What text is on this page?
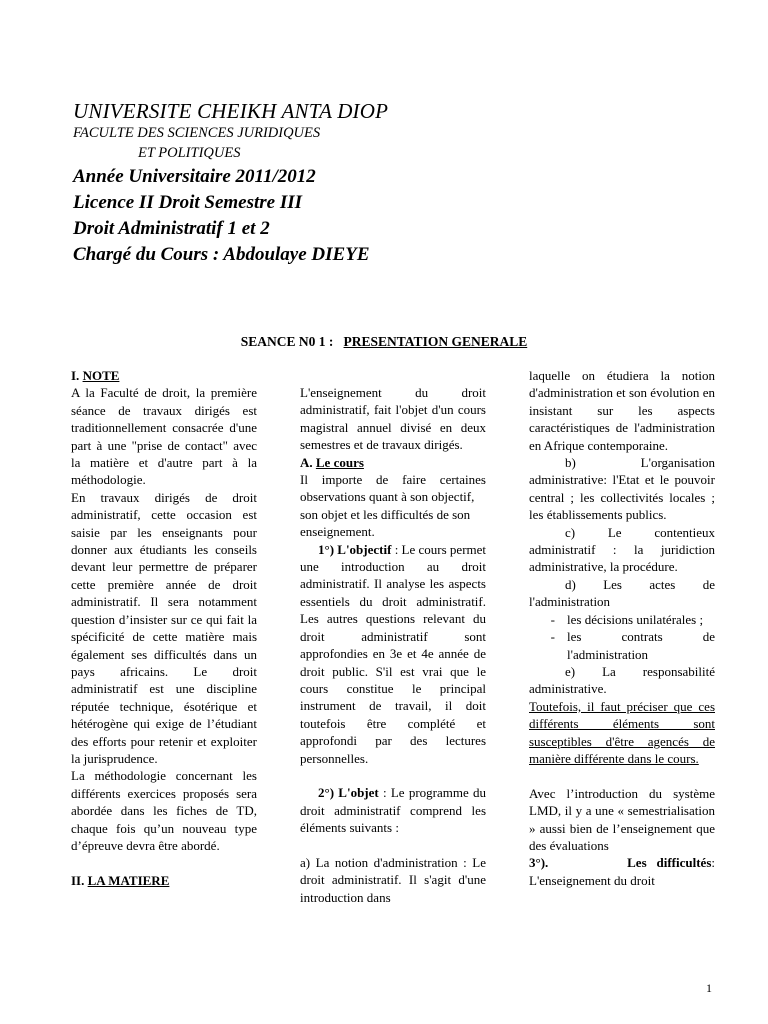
UNIVERSITE CHEIKH ANTA DIOP
FACULTE DES SCIENCES JURIDIQUES
ET POLITIQUES
Année Universitaire 2011/2012
Licence II Droit Semestre III
Droit Administratif 1 et 2
Chargé du Cours : Abdoulaye DIEYE
SEANCE N0 1 : PRESENTATION GENERALE

I. NOTE

A la Faculté de droit, la première séance de travaux dirigés est traditionnellement consacrée d'une part à une "prise de contact" avec la matière et d'autre part à la méthodologie.

En travaux dirigés de droit administratif, cette occasion est saisie par les enseignants pour donner aux étudiants les conseils devant leur permettre de préparer cette première année de droit administratif. Il sera notamment question d’insister sur ce qui fait la spécificité de cette matière mais également ses difficultés dans un pays africains. Le droit administratif est une discipline réputée technique, ésotérique et hétérogène qui exige de l’étudiant des efforts pour retenir et exploiter la jurisprudence.

La méthodologie concernant les différents exercices proposés sera abordée dans les fiches de TD, chaque fois qu’un nouveau type d’épreuve devra être abordé.

II. LA MATIERE

L'enseignement du droit administratif, fait l'objet d'un cours magistral annuel divisé en deux semestres et de travaux dirigés.

A. Le cours

Il importe de faire certaines observations quant à son objectif,

son objet et les difficultés de son enseignement.

1°) L'objectif : Le cours permet une introduction au droit administratif. Il analyse les aspects essentiels du droit administratif. Les autres questions relevant du droit administratif sont approfondies en 3e et 4e année de droit public. S'il est vrai que le cours constitue le principal instrument de travail, il doit toutefois être complété et approfondi par des lectures personnelles.

2°) L'objet : Le programme du droit administratif comprend les éléments suivants :

a) La notion d'administration : Le droit administratif. Il s'agit d'une introduction dans

laquelle on étudiera la notion d'administration et son évolution en insistant sur les aspects caractéristiques de l'administration en Afrique contemporaine.

b) L'organisation administrative: l'Etat et le pouvoir central ; les collectivités locales ; les établissements publics.

c) Le contentieux administratif : la juridiction administrative, la procédure.

d) Les actes de l'administration

- les décisions unilatérales ;
- les contrats de l'administration

e) La responsabilité administrative.

Toutefois, il faut préciser que ces différents éléments sont susceptibles d'être agencés de manière différente dans le cours.

Avec l’introduction du système LMD, il y a une « semestrialisation » aussi bien de l’enseignement que des évaluations

3°).	Les difficultés: L'enseignement du droit

1
